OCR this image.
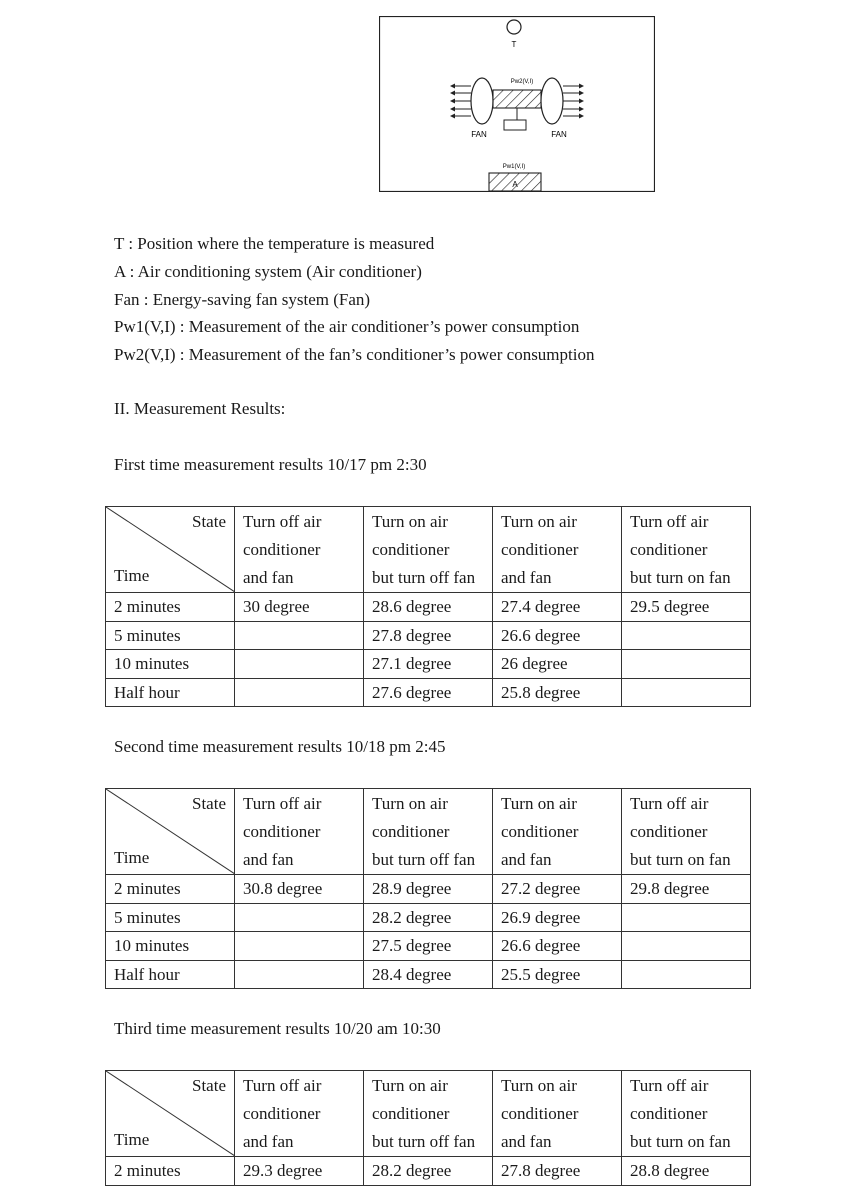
T
Pw2(V,I)
FAN	FAN
Pw1(V,I)
A
T : Position where the temperature is measured
A : Air conditioning system (Air conditioner)
Fan : Energy-saving fan system (Fan)
Pw1(V,I) : Measurement of the air conditioner’s power consumption
Pw2(V,I) : Measurement of the fan’s conditioner’s power consumption
II. Measurement Results:
First time measurement results 10/17 pm 2:30
State
Time	Turn off air
conditioner
and fan	Turn on air
conditioner
but turn off fan	Turn on air
conditioner
and fan	Turn off air
conditioner
but turn on fan

2 minutes	30 degree	28.6 degree	27.4 degree	29.5 degree
5 minutes		27.8 degree	26.6 degree	
10 minutes		27.1 degree	26 degree	
Half hour		27.6 degree	25.8 degree	
Second time measurement results 10/18 pm 2:45
State
Time	Turn off air
conditioner
and fan	Turn on air
conditioner
but turn off fan	Turn on air
conditioner
and fan	Turn off air
conditioner
but turn on fan

2 minutes	30.8 degree	28.9 degree	27.2 degree	29.8 degree
5 minutes		28.2 degree	26.9 degree	
10 minutes		27.5 degree	26.6 degree	
Half hour		28.4 degree	25.5 degree	
Third time measurement results 10/20 am 10:30
State
Time	Turn off air
conditioner
and fan	Turn on air
conditioner
but turn off fan	Turn on air
conditioner
and fan	Turn off air
conditioner
but turn on fan

2 minutes	29.3 degree	28.2 degree	27.8 degree	28.8 degree
